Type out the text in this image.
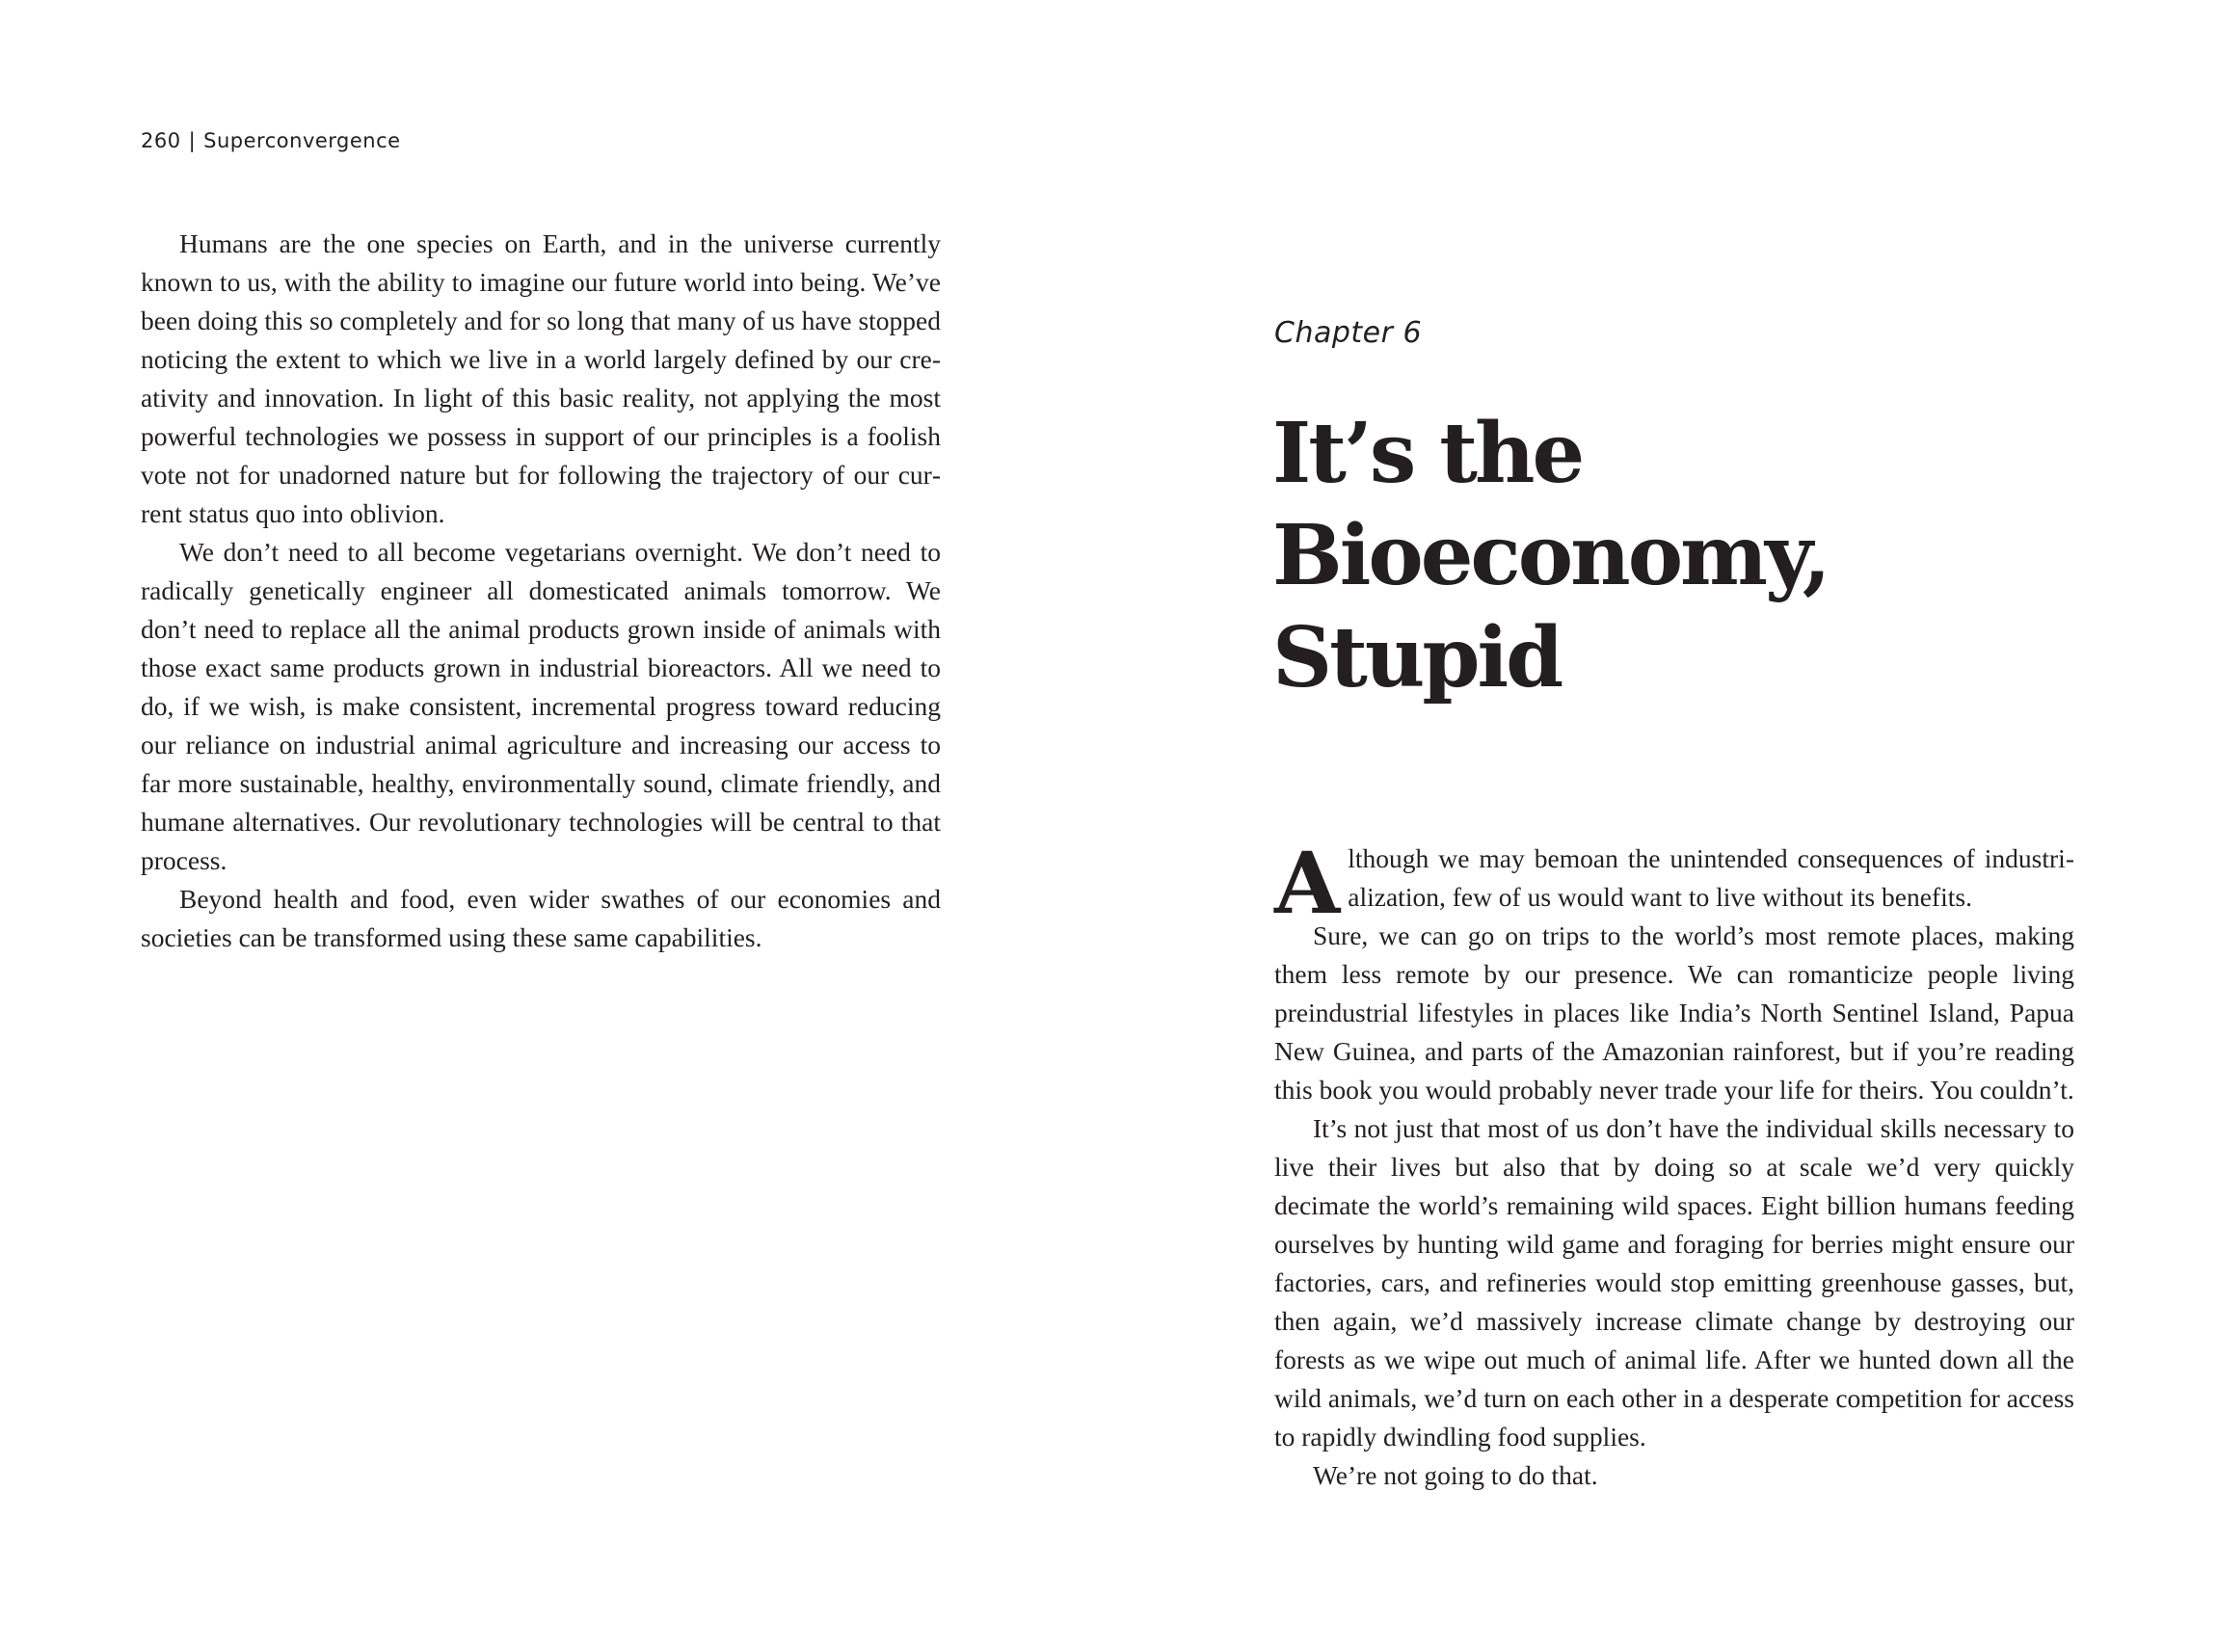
260 | Superconvergence

Humans are the one species on Earth, and in the universe currently known to us, with the ability to imagine our future world into being. We’ve been doing this so completely and for so long that many of us have stopped noticing the extent to which we live in a world largely defined by our creativity and innovation. In light of this basic reality, not applying the most powerful technologies we possess in support of our principles is a foolish vote not for unadorned nature but for following the trajectory of our current status quo into oblivion.

We don’t need to all become vegetarians overnight. We don’t need to radically genetically engineer all domesticated animals tomorrow. We don’t need to replace all the animal products grown inside of animals with those exact same products grown in industrial bioreactors. All we need to do, if we wish, is make consistent, incremental progress toward reducing our reliance on industrial animal agriculture and increasing our access to far more sustainable, healthy, environmentally sound, climate friendly, and humane alternatives. Our revolutionary technologies will be central to that process.

Beyond health and food, even wider swathes of our economies and societies can be transformed using these same capabilities.

Chapter 6
It’s the
Bioeconomy,
Stupid

Although we may bemoan the unintended consequences of industrialization, few of us would want to live without its benefits.

Sure, we can go on trips to the world’s most remote places, making them less remote by our presence. We can romanticize people living preindustrial lifestyles in places like India’s North Sentinel Island, Papua New Guinea, and parts of the Amazonian rainforest, but if you’re reading this book you would probably never trade your life for theirs. You couldn’t.

It’s not just that most of us don’t have the individual skills necessary to live their lives but also that by doing so at scale we’d very quickly decimate the world’s remaining wild spaces. Eight billion humans feeding ourselves by hunting wild game and foraging for berries might ensure our factories, cars, and refineries would stop emitting greenhouse gasses, but, then again, we’d massively increase climate change by destroying our forests as we wipe out much of animal life. After we hunted down all the wild animals, we’d turn on each other in a desperate competition for access to rapidly dwindling food supplies.

We’re not going to do that.
